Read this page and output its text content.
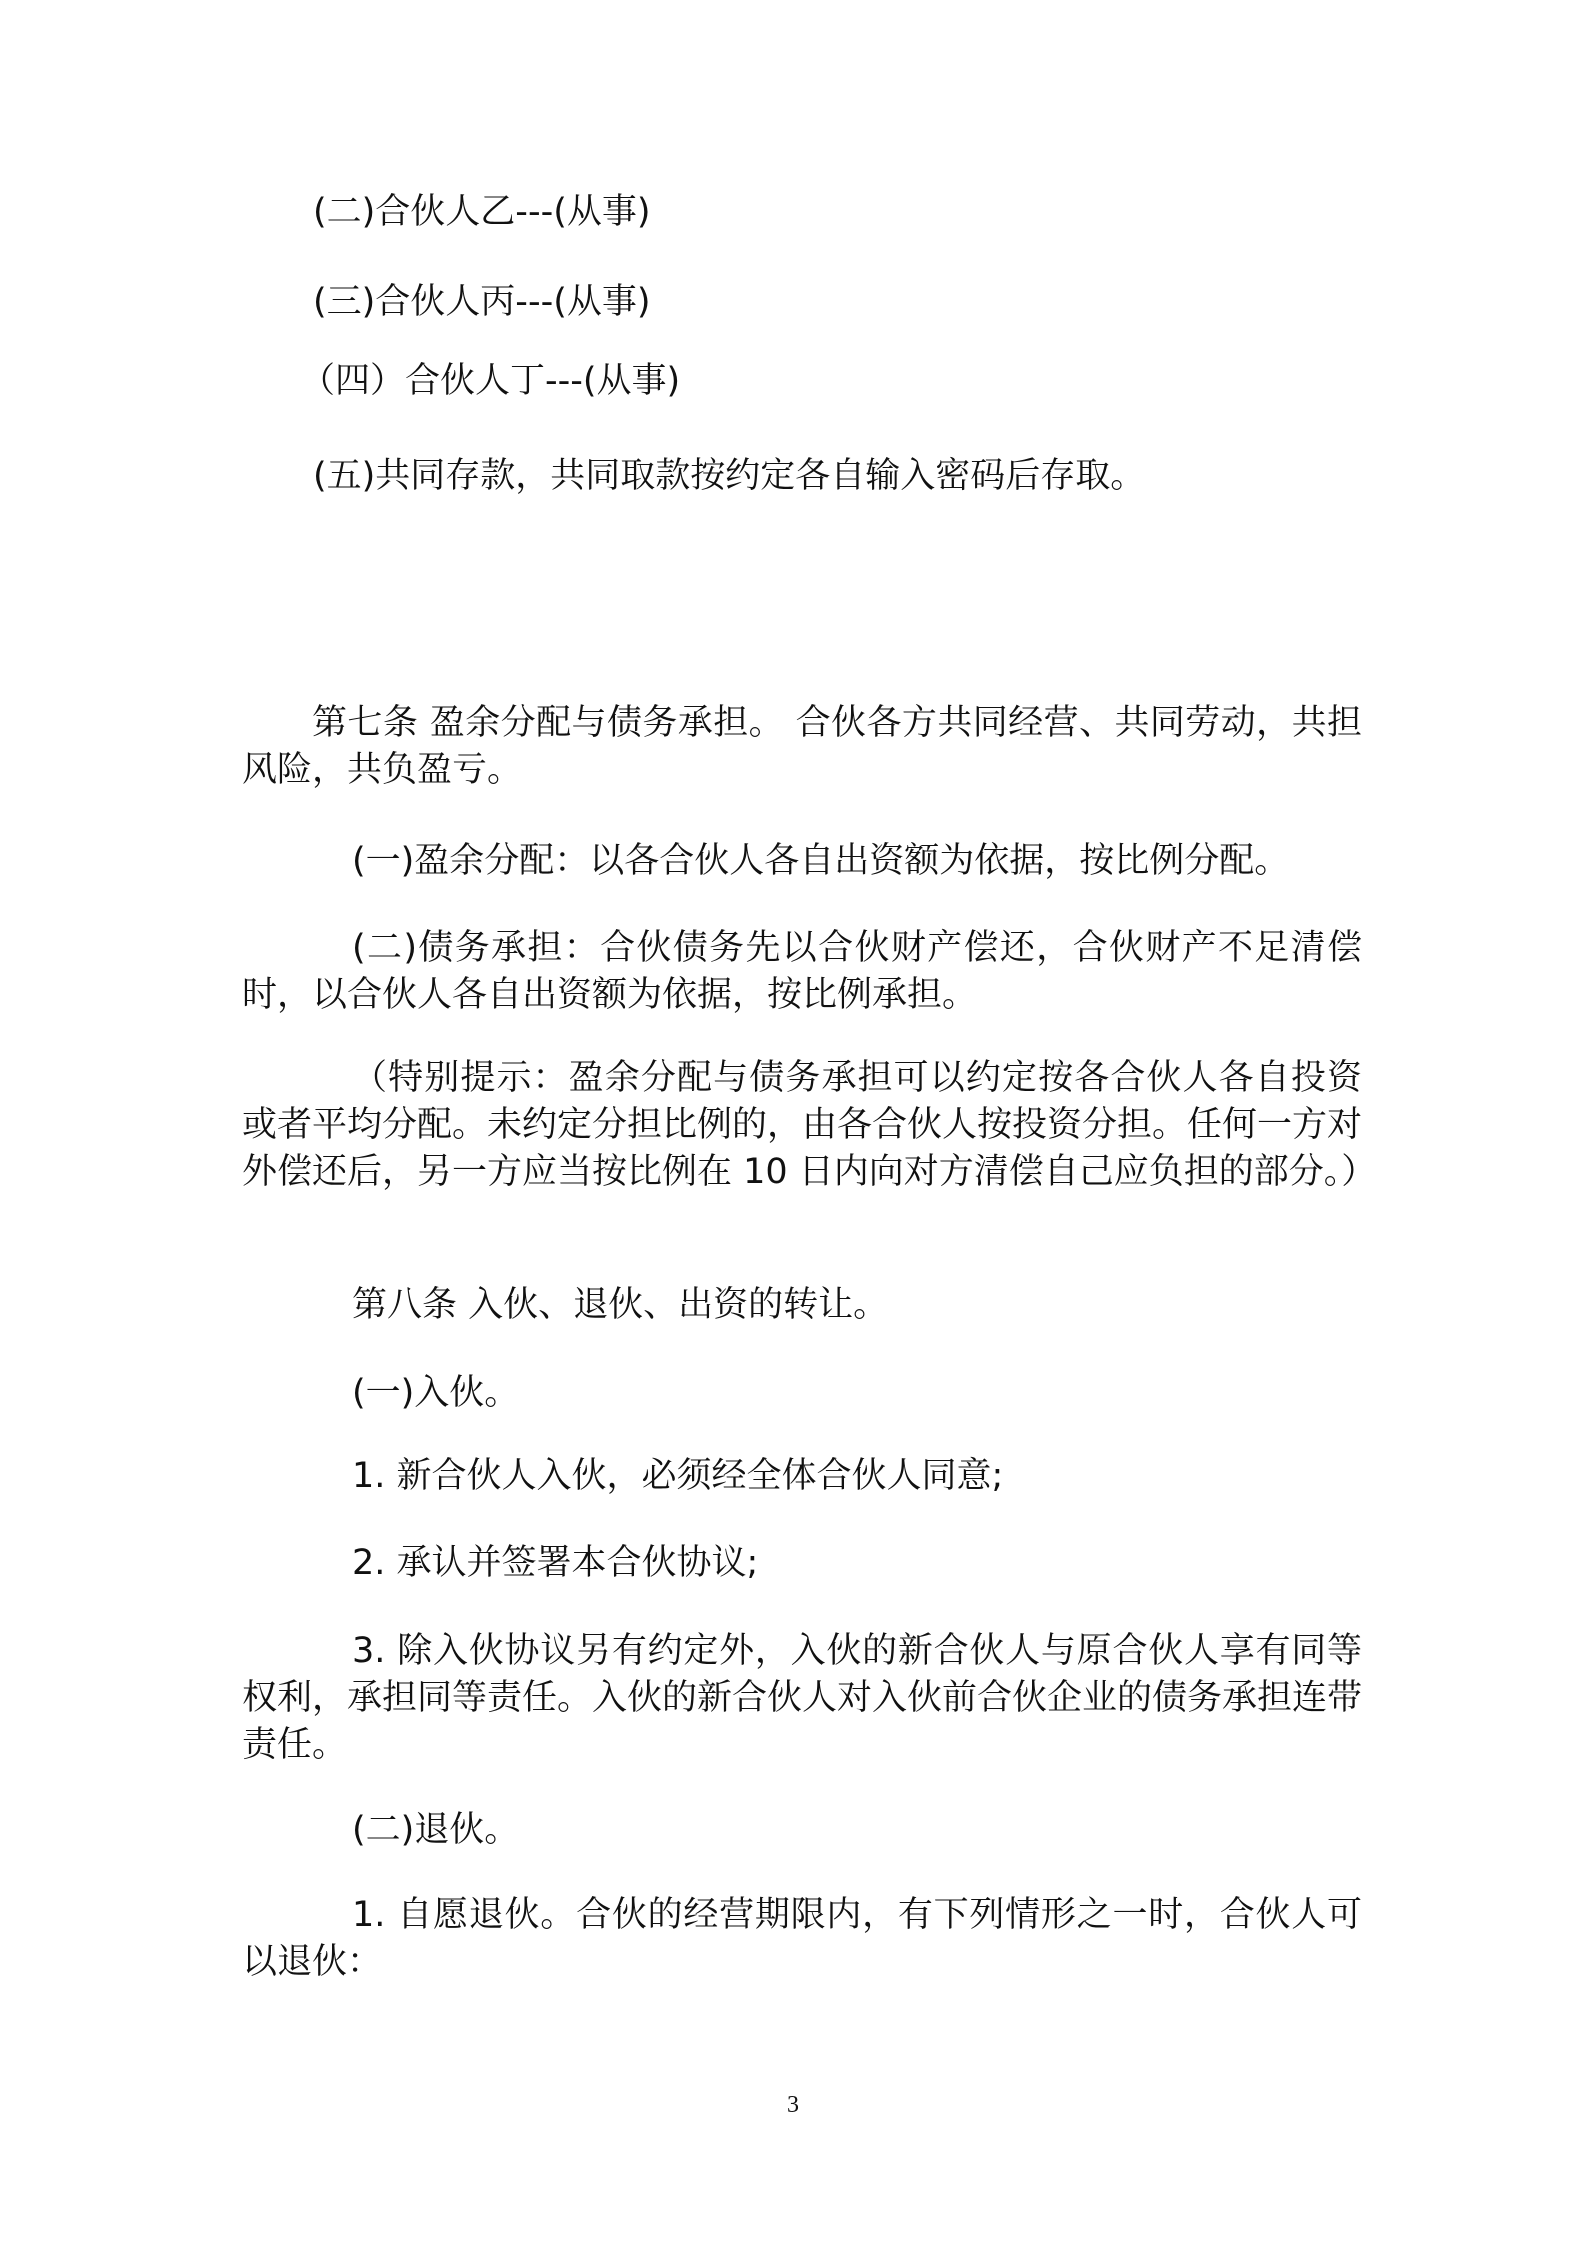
(二)合伙人乙---(从事)

(三)合伙人丙---(从事)

（四）合伙人丁---(从事)

(五)共同存款，共同取款按约定各自输入密码后存取。

第七条 盈余分配与债务承担。 合伙各方共同经营、共同劳动，共担风险，共负盈亏。

(一)盈余分配：以各合伙人各自出资额为依据，按比例分配。

(二)债务承担：合伙债务先以合伙财产偿还，合伙财产不足清偿时，以合伙人各自出资额为依据，按比例承担。

（特别提示：盈余分配与债务承担可以约定按各合伙人各自投资或者平均分配。未约定分担比例的，由各合伙人按投资分担。任何一方对外偿还后，另一方应当按比例在 10 日内向对方清偿自己应负担的部分。）

第八条 入伙、退伙、出资的转让。

(一)入伙。

1. 新合伙人入伙，必须经全体合伙人同意;

2. 承认并签署本合伙协议;

3. 除入伙协议另有约定外，入伙的新合伙人与原合伙人享有同等权利，承担同等责任。入伙的新合伙人对入伙前合伙企业的债务承担连带责任。

(二)退伙。

1. 自愿退伙。合伙的经营期限内，有下列情形之一时，合伙人可以退伙：

3
